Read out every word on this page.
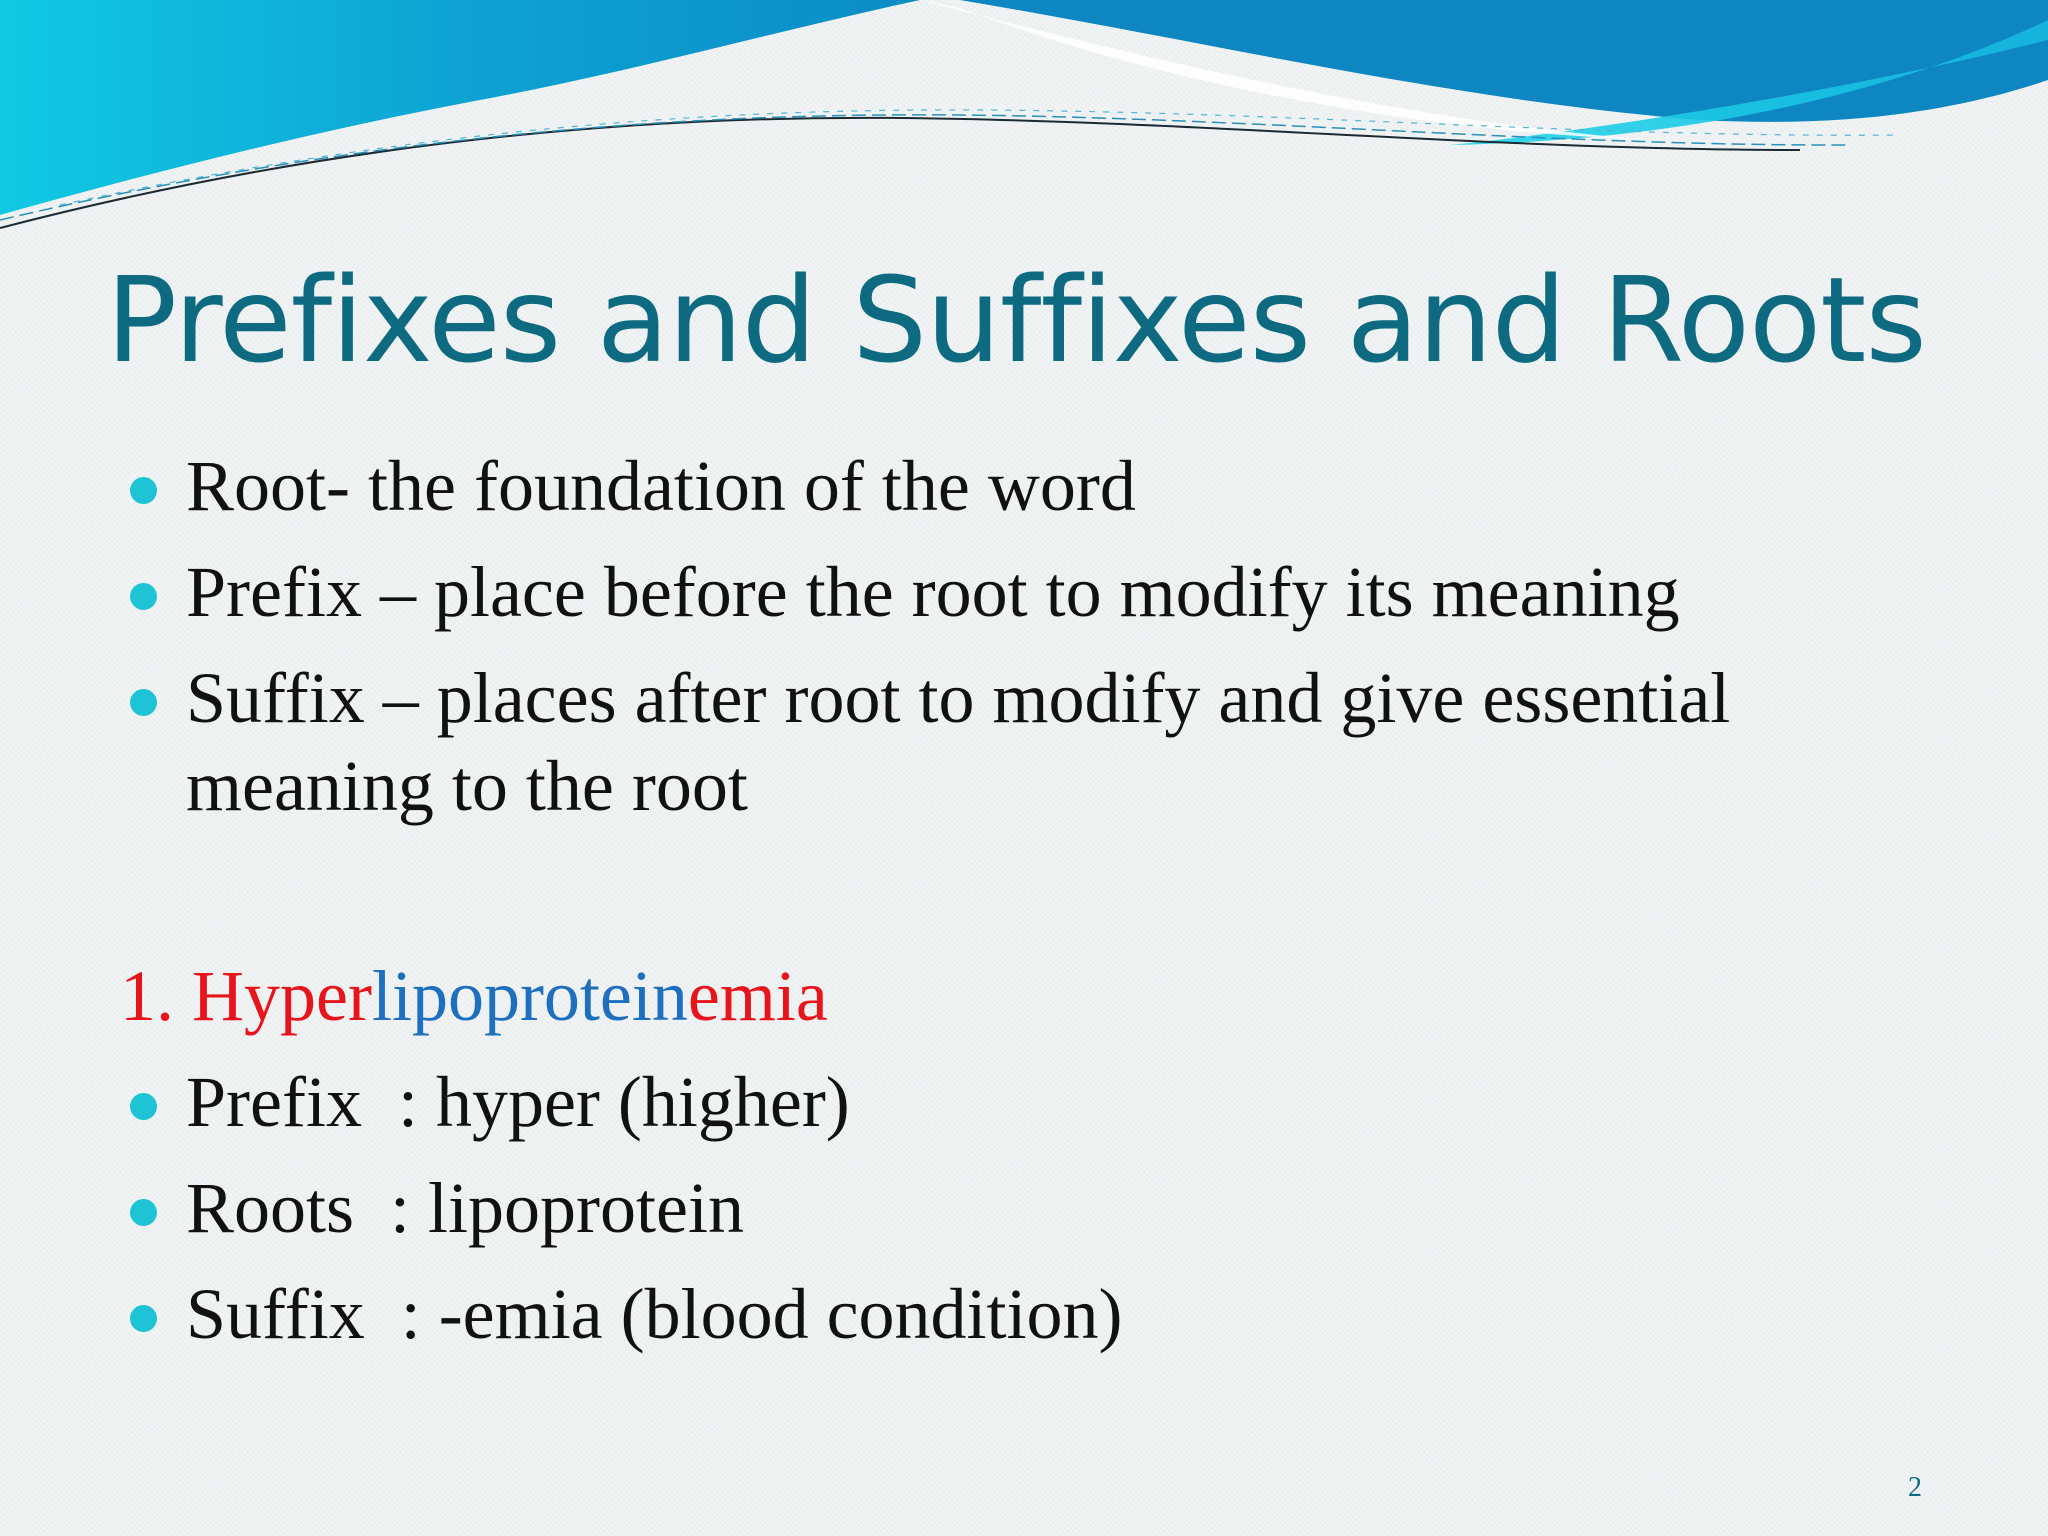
Prefixes and Suffixes and Roots
Root- the foundation of the word
Prefix – place before the root to modify its meaning
Suffix – places after root to modify and give essential
meaning to the root
1. Hyperlipoproteinemia
Prefix  : hyper (higher)
Roots  : lipoprotein
Suffix  : -emia (blood condition)
2
